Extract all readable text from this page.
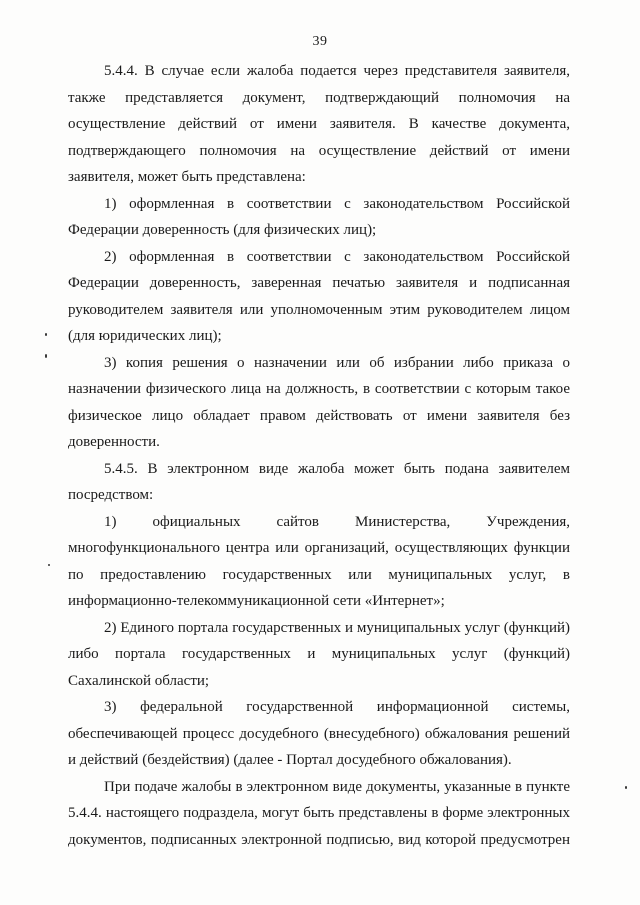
39

5.4.4. В случае если жалоба подается через представителя заявителя, также представляется документ, подтверждающий полномочия на осуществление действий от имени заявителя. В качестве документа, подтверждающего полномочия на осуществление действий от имени заявителя, может быть представлена:

1) оформленная в соответствии с законодательством Российской Федерации доверенность (для физических лиц);

2) оформленная в соответствии с законодательством Российской Федерации доверенность, заверенная печатью заявителя и подписанная руководителем заявителя или уполномоченным этим руководителем лицом (для юридических лиц);

3) копия решения о назначении или об избрании либо приказа о назначении физического лица на должность, в соответствии с которым такое физическое лицо обладает правом действовать от имени заявителя без доверенности.

5.4.5. В электронном виде жалоба может быть подана заявителем посредством:

1) официальных сайтов Министерства, Учреждения, многофункционального центра или организаций, осуществляющих функции по предоставлению государственных или муниципальных услуг, в информационно-телекоммуникационной сети «Интернет»;

2) Единого портала государственных и муниципальных услуг (функций) либо портала государственных и муниципальных услуг (функций) Сахалинской области;

3) федеральной государственной информационной системы, обеспечивающей процесс досудебного (внесудебного) обжалования решений и действий (бездействия) (далее - Портал досудебного обжалования).

При подаче жалобы в электронном виде документы, указанные в пункте 5.4.4. настоящего подраздела, могут быть представлены в форме электронных документов, подписанных электронной подписью, вид которой предусмотрен
